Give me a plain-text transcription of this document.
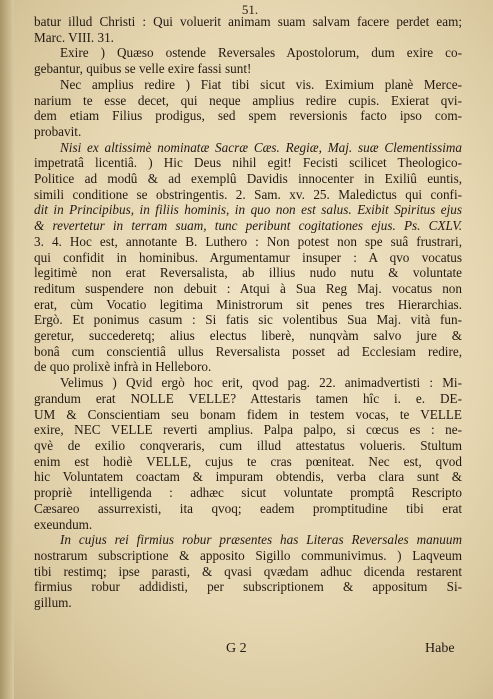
51.

batur illud Christi : Qui voluerit animam suam salvam facere perdet eam;
Marc. VIII. 31.

Exire ) Quæso ostende Reversales Apostolorum, dum exire co-
gebantur, quibus se velle exire fassi sunt!

Nec amplius redire ) Fiat tibi sicut vis. Eximium planè Merce-
narium te esse decet, qui neque amplius redire cupis. Exierat qvi-
dem etiam Filius prodigus, sed spem reversionis facto ipso com-
probavit.

Nisi ex altissimè nominatæ Sacræ Cæs. Regiæ, Maj. suæ Clementissima
impetratâ licentiâ. ) Hic Deus nihil egit! Fecisti scilicet Theologico-
Politice ad modû & ad exemplû Davidis innocenter in Exiliû euntis,
simili conditione se obstringentis. 2. Sam. xv. 25. Maledictus qui confi-
dit in Principibus, in filiis hominis, in quo non est salus. Exibit Spiritus ejus
& revertetur in terram suam, tunc peribunt cogitationes ejus. Ps. CXLV.
3. 4. Hoc est, annotante B. Luthero : Non potest non spe suâ frustrari,
qui confidit in hominibus. Argumentamur insuper : A qvo vocatus
legitimè non erat Reversalista, ab illius nudo nutu & voluntate
reditum suspendere non debuit : Atqui à Sua Reg Maj. vocatus non
erat, cùm Vocatio legitima Ministrorum sit penes tres Hierarchias.
Ergò. Et ponimus casum : Si fatis sic volentibus Sua Maj. vità fun-
geretur, succederetq; alius electus liberè, nunqvàm salvo jure &
bonâ cum conscientiâ ullus Reversalista posset ad Ecclesiam redire,
de quo prolixè infrà in Helleboro.

Velimus ) Qvid ergò hoc erit, qvod pag. 22. animadvertisti : Mi-
grandum erat NOLLE VELLE? Attestaris tamen hîc i. e. DE-
UM & Conscientiam seu bonam fidem in testem vocas, te VELLE
exire, NEC VELLE reverti amplius. Palpa palpo, si cœcus es : ne-
qvè de exilio conqveraris, cum illud attestatus volueris. Stultum
enim est hodiè VELLE, cujus te cras pœniteat. Nec est, qvod
hic Voluntatem coactam & impuram obtendis, verba clara sunt &
propriè intelligenda : adhæc sicut voluntate promptâ Rescripto
Cæsareo assurrexisti, ita qvoq; eadem promptitudine tibi erat
exeundum.

In cujus rei firmius robur præsentes has Literas Reversales manuum
nostrarum subscriptione & apposito Sigillo communivimus. ) Laqveum
tibi restimq; ipse parasti, & qvasi qvædam adhuc dicenda restarent
firmius robur addidisti, per subscriptionem & appositum Si-
gillum.

G 2	Habe
